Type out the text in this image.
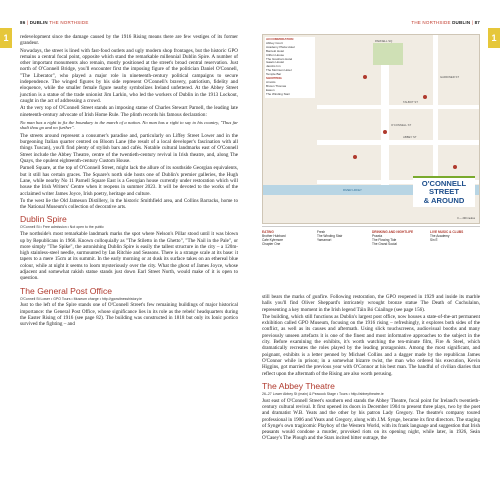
86 | DUBLIN THE NORTHSIDE	THE NORTHSIDE DUBLIN | 87
1	1

redevelopment since the damage caused by the 1916 Rising means there are few vestiges of its former grandeur.

Nowadays, the street is lined with fast-food outlets and ugly modern shop frontages, but the historic GPO remains a central focal point, opposite which stand the remarkable millennial Dublin Spire. A number of other important monuments also remain, mostly positioned at the street's broad central reservation. Just north of O'Connell Bridge, you'll encounter first the imposing figure of the politician Daniel O'Connell, "The Liberator", who played a major role in nineteenth-century political campaigns to secure independence. The winged figures by his side represent O'Connell's bravery, patriotism, fidelity and eloquence, while the smaller female figure nearby symbolizes Ireland unfettered. At the Abbey Street junction is a statue of the trade unionist Jim Larkin, who led the workers of Dublin in the 1913 Lockout, caught in the act of addressing a crowd.

At the very top of O'Connell Street stands an imposing statue of Charles Stewart Parnell, the leading late nineteenth-century advocate of Irish Home Rule. The plinth records his famous declaration:

No man has a right to fix the boundary to the march of a nation. No man has a right to say to his country, "Thus far shalt thou go and no further".

The streets around represent a consumer's paradise and, particularly on Liffey Street Lower and in the burgeoning Italian quarter centred on Bloom Lane (the result of a local developer's fascination with all things Tuscan), you'll find plenty of stylish bars and cafés. Notable cultural landmarks east of O'Connell Street include the Abbey Theatre, centre of the twentieth-century revival in Irish theatre, and, along The Quays, the opulent eighteenth-century Custom House.

Parnell Square, at the top of O'Connell Street, might lack the allure of its southside Georgian equivalents, but it still has certain graces. The Square's north side hosts one of Dublin's premier galleries, the Hugh Lane, while nearby No 11 Parnell Square East is a Georgian house currently under restoration which will house the Irish Writers' Centre when it reopens in summer 2023. It will be devoted to the works of the acclaimed writer James Joyce, Irish poetry, heritage and culture.

To the west lie the Old Jameson Distillery, in the historic Smithfield area, and Collins Barracks, home to the National Museum's collection of decorative arts.

Dublin Spire
O'Connell St • Free admission • Not open to the public

The northside's most remarkable landmark marks the spot where Nelson's Pillar stood until it was blown up by Republicans in 1966. Known colloquially as "The Stiletto in the Ghetto", "The Nail in the Pale", or more simply "The Spike", the astonishing Dublin Spire is easily the tallest structure in the city – a 120m-high stainless-steel needle, surmounted by Ian Ritchie and Seasons. There is a strange scale at its base: it tapers to a mere 15cm at its summit. In the early morning or at dusk its surface takes on an ethereal blue colour, while at night it seems to loom mysteriously over the city. What the ghost of James Joyce, whose adjacent and somewhat rakish statue stands just down Earl Street North, would make of it is open to question.

The General Post Office
O'Connell St Lower • GPO Tours • Museum charge • http://gpowitnesshistory.ie

Just to the left of the Spire stands one of O'Connell Street's few remaining buildings of major historical importance: the General Post Office, whose significance lies in its role as the rebels' headquarters during the Easter Rising of 1916 (see page 82). The building was constructed in 1818 but only its Ionic portico survived the fighting – and

PARNELL SQ
O'CONNELL ST
ABBEY ST
RIVER LIFFEY
TALBOT ST
GARDINER ST
ACCOMMODATION
Abbey Court
Academy Plaza Hotel
Barceló Hotel
Clifton House
The Gresham Hotel
Isaacs Hostel
Jacobs Inn
The Morrison Hotel
Temple Bar
SHOPPING
Arnotts
Brown Thomas
Eason
The Winding Stair
O'CONNELL STREET
& AROUND
0 — 200 metres
EATING
Brother Hubbard
Cafe Kylemore
Chapter One
Fresh
The Winding Stair
Yamamori
DRINKING AND NIGHTLIFE
Pravda
The Flowing Tide
The Grand Social
LIVE MUSIC & CLUBS
The Academy
Sin É

still bears the marks of gunfire. Following restoration, the GPO reopened in 1929 and inside its marble halls you'll find Oliver Sheppard's intricately wrought bronze statue The Death of Cuchulainn, representing a key moment in the Irish legend Táin Bó Cúailnge (see page 156).

The building, which still functions as Dublin's largest post office, now houses a state-of-the-art permanent exhibition called GPO Museum, focusing on the 1916 rising – refreshingly, it explores both sides of the conflict, as well as its causes and aftermath. Using slick touchscreens, audiovisual booths and many previously unseen artefacts it is one of the finest and most informative approaches to the subject in the city. Before examining the exhibits, it's worth watching the ten-minute film, Fire & Steel, which dramatically recreates the roles played by the leading protagonists. Among the most significant, and poignant, exhibits is a letter penned by Michael Collins and a dagger made by the republican James O'Connor while in prison; in a somewhat bizarre twist, the man who ordered his execution, Kevin Higgins, got married the previous year with O'Connor at his best man. The handful of civilian diaries that reflect upon the aftermath of the Rising are also worth perusing.

The Abbey Theatre
26–27 Lower Abbey St (main) & Peacock Stage • Tours • http://abbeytheatre.ie

Just east of O'Connell Street's southern end stands the Abbey Theatre, focal point for Ireland's twentieth-century cultural revival. It first opened its doors in December 1904 to present three plays, two by the poet and dramatist W.B. Yeats and the other by his patron Lady Gregory. The theatre's company toured professional in 1906 and Yeats and Gregory, along with J.M. Synge, became its first directors. The staging of Synge's own tragicomic Playboy of the Western World, with its frank language and suggestion that Irish peasants would condone a murder, provoked riots on its opening night, while later, in 1926, Seán O'Casey's The Plough and the Stars incited bitter outrage, the
